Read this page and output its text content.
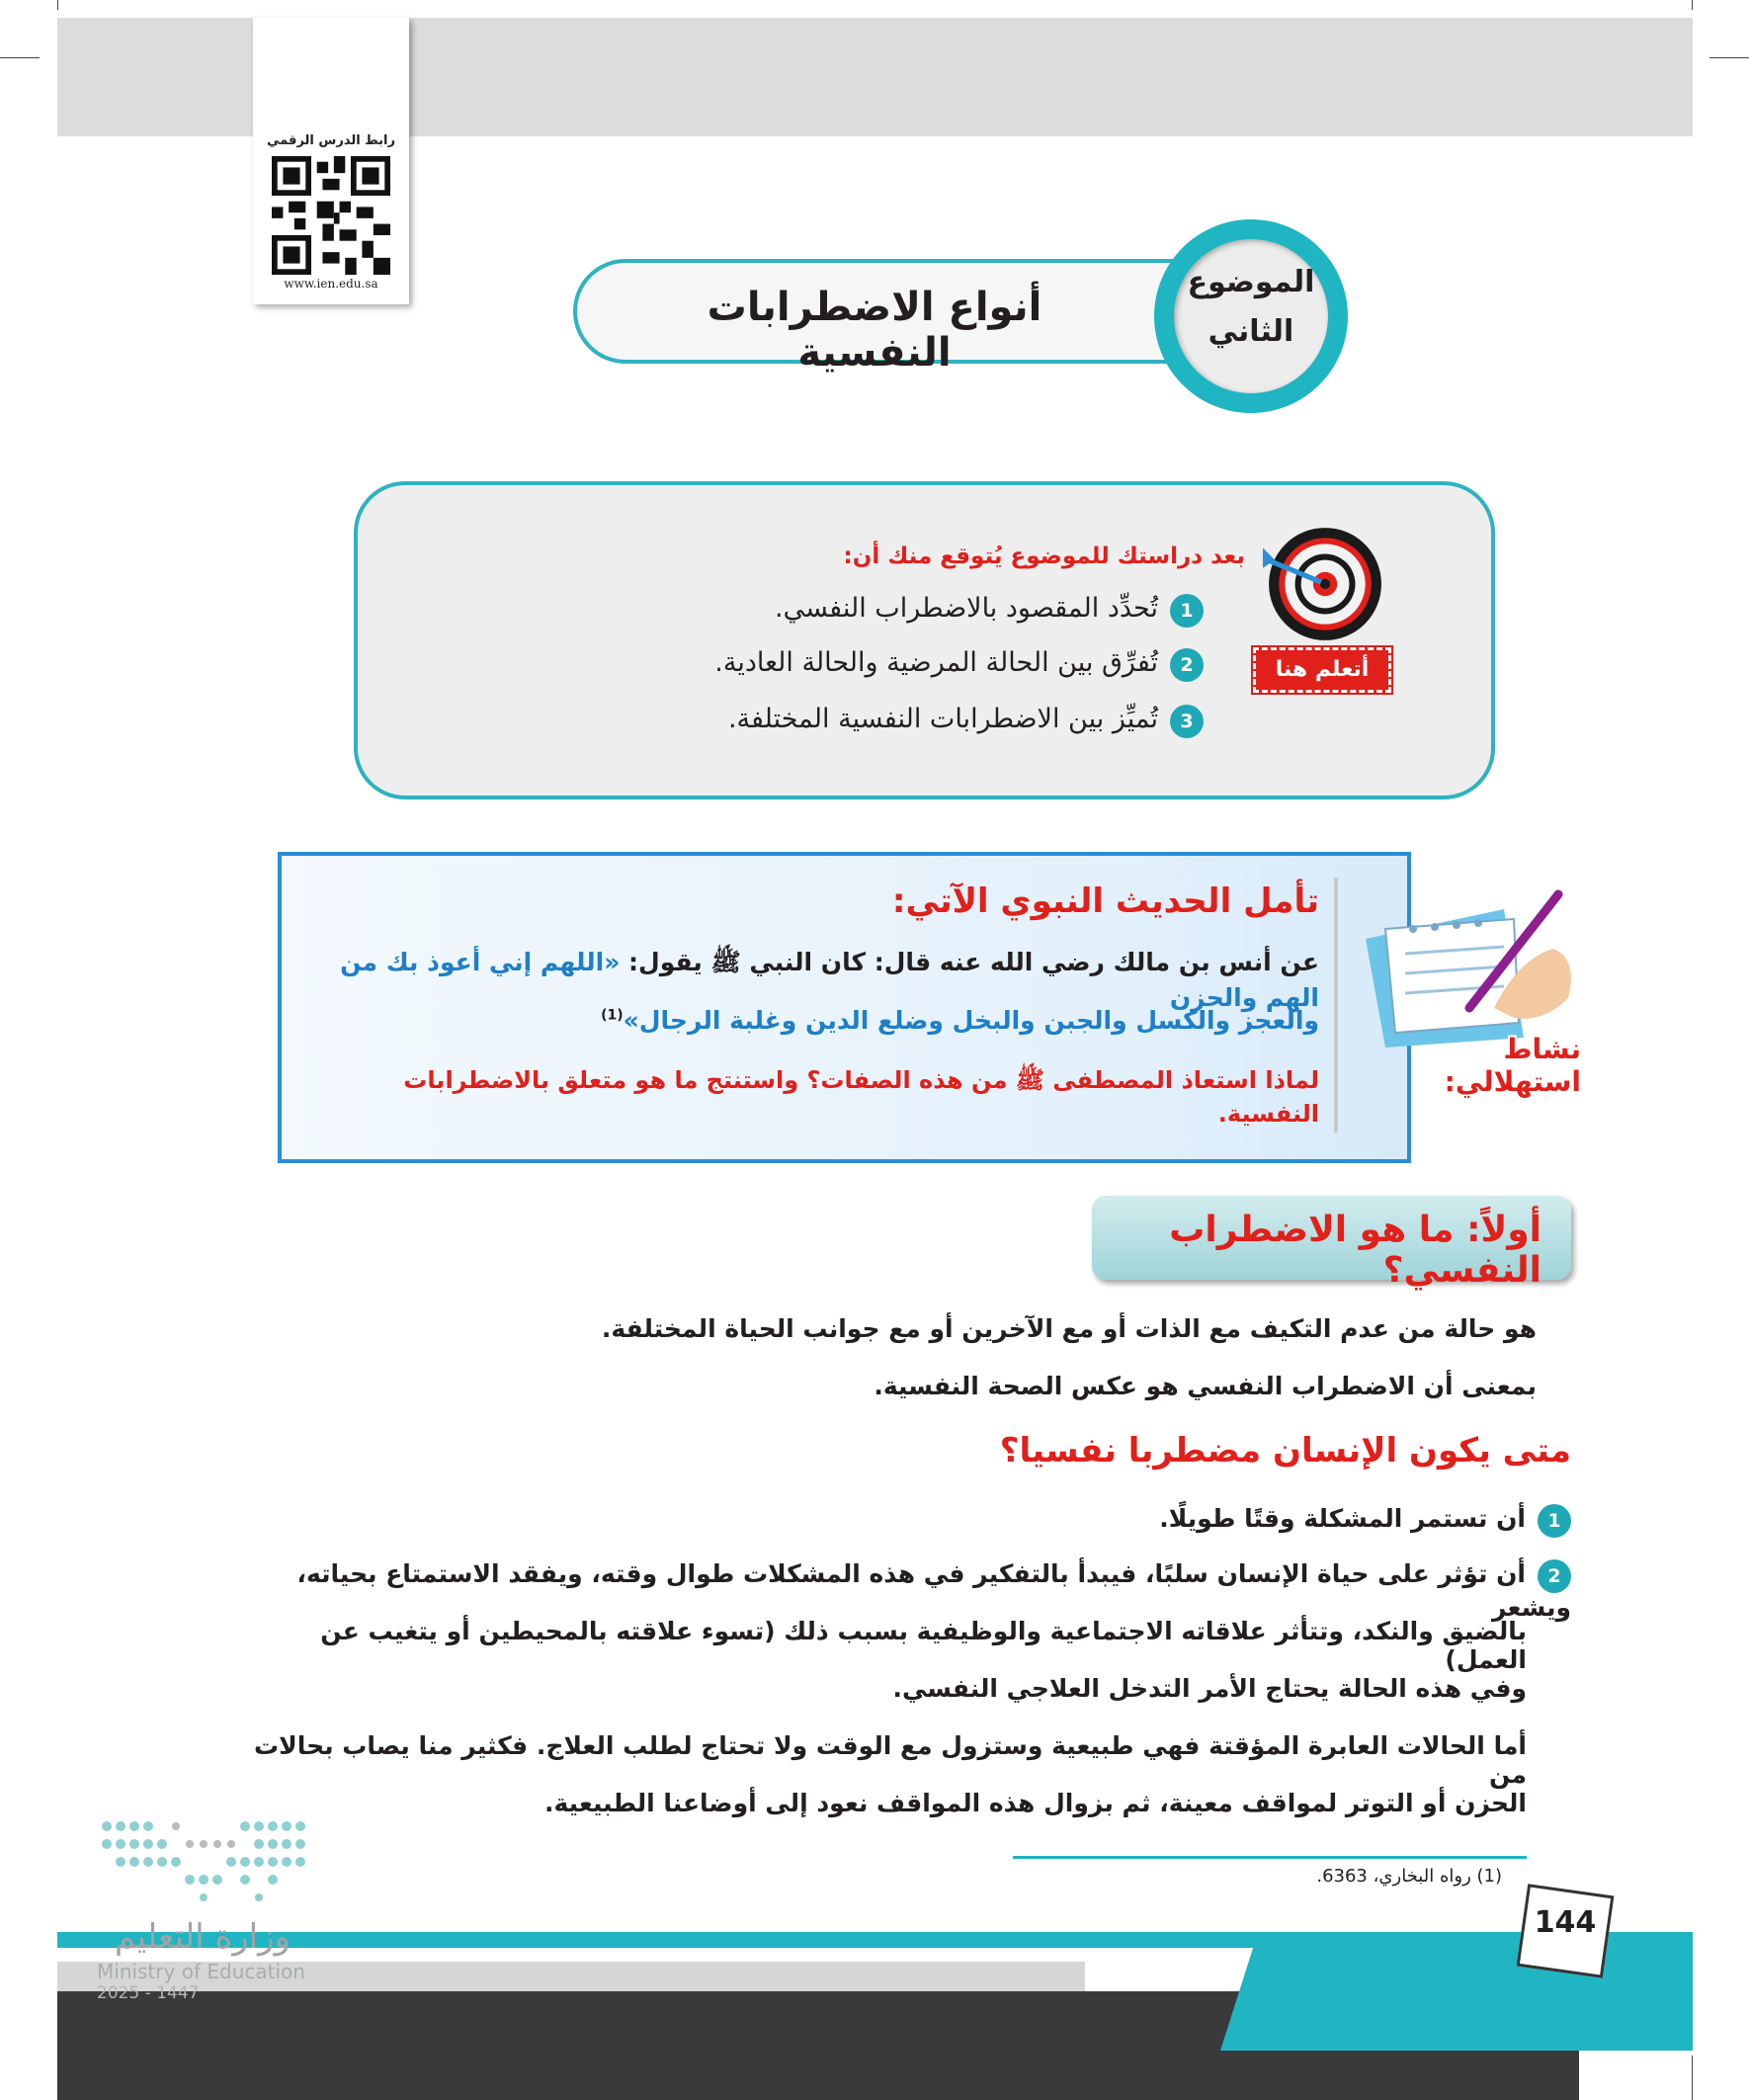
رابط الدرس الرقمي
www.ien.edu.sa
أنواع الاضطرابات النفسية
الموضوع
الثاني
أتعلم هنا
بعد دراستك للموضوع يُتوقع منك أن:
1تُحدِّد المقصود بالاضطراب النفسي.
2تُفرِّق بين الحالة المرضية والحالة العادية.
3تُميِّز بين الاضطرابات النفسية المختلفة.
نشاط استهلالي:
تأمل الحديث النبوي الآتي:
عن أنس بن مالك رضي الله عنه قال: كان النبي ﷺ يقول: «اللهم إني أعوذ بك من الهم والحزن
والعجز والكسل والجبن والبخل وضلع الدين وغلبة الرجال»$^{(1)}$
لماذا استعاذ المصطفى ﷺ من هذه الصفات؟ واستنتج ما هو متعلق بالاضطرابات النفسية.
أولاً: ما هو الاضطراب النفسي؟
هو حالة من عدم التكيف مع الذات أو مع الآخرين أو مع جوانب الحياة المختلفة.
بمعنى أن الاضطراب النفسي هو عكس الصحة النفسية.
متى يكون الإنسان مضطربا نفسيا؟
1أن تستمر المشكلة وقتًا طويلًا.
2أن تؤثر على حياة الإنسان سلبًا، فيبدأ بالتفكير في هذه المشكلات طوال وقته، ويفقد الاستمتاع بحياته، ويشعر
بالضيق والنكد، وتتأثر علاقاته الاجتماعية والوظيفية بسبب ذلك (تسوء علاقته بالمحيطين أو يتغيب عن العمل)
وفي هذه الحالة يحتاج الأمر التدخل العلاجي النفسي.
أما الحالات العابرة المؤقتة فهي طبيعية وستزول مع الوقت ولا تحتاج لطلب العلاج. فكثير منا يصاب بحالات من
الحزن أو التوتر لمواقف معينة، ثم بزوال هذه المواقف نعود إلى أوضاعنا الطبيعية.
(1) رواه البخاري، 6363.
144
وزارة التعليم
Ministry of Education
2025 - 1447
